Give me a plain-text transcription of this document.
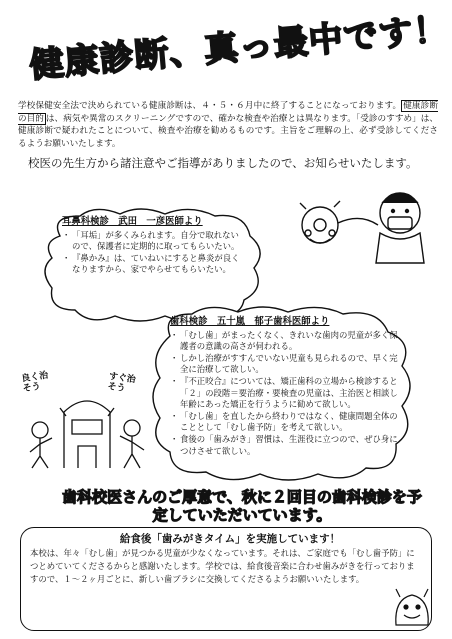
健康診断、真っ最中です！
学校保健安全法で決められている健康診断は、４・５・６月中に終了することになっております。 健康診断の目的 は、病気や異常のスクリーニングですので、確かな検査や治療とは異なります。「受診のすすめ」は、健康診断で疑われたことについて、検査や治療を勧めるものです。主旨をご理解の上、必ず受診してくださるようお願いいたします。
校医の先生方から諸注意やご指導がありましたので、お知らせいたします。
耳鼻科検診　武田　一彦医師より
・ 「耳垢」が多くみられます。自分で取れないので、保護者に定期的に取ってもらいたい。
・ 『鼻かみ』は、ていねいにすると鼻炎が良くなりますから、家でやらせてもらいたい。
歯科検診　五十嵐　郁子歯科医師より
・ 「むし歯」がまったくなく、きれいな歯肉の児童が多く保護者の意識の高さが伺われる。
・ しかし治療がすすんでいない児童も見られるので、早く完全に治療して欲しい。
・ 『不正咬合』については、矯正歯科の立場から検診すると「２」の段階＝要治療・要検査の児童は、主治医と相談し年齢にあった矯正を行うように勧めて欲しい。
・ 「むし歯」を直したから終わりではなく、健康問題全体のこととして「むし歯予防」を考えて欲しい。
・ 食後の「歯みがき」習慣は、生涯役に立つので、ぜひ身につけさせて欲しい。
良く治そう
すぐ治そう
歯科校医さんのご厚意で、秋に２回目の歯科検診を予定していただいています。
給食後「歯みがきタイム」を実施しています！
本校は、年々「むし歯」が見つかる児童が少なくなっています。それは、ご家庭でも「むし歯予防」につとめていてくださるからと感謝いたします。学校では、給食後音楽に合わせ歯みがきを行っておりますので、１〜２ヶ月ごとに、新しい歯ブラシに交換してくださるようお願いいたします。
